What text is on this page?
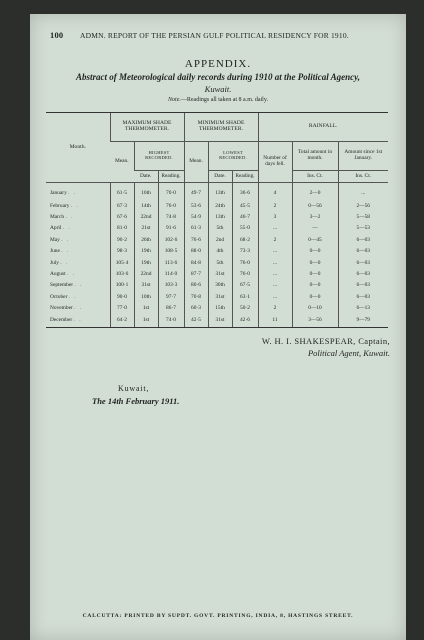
100 ADMN. REPORT OF THE PERSIAN GULF POLITICAL RESIDENCY FOR 1910.
APPENDIX.
Abstract of Meteorological daily records during 1910 at the Political Agency,
Kuwait.
Note.—Readings all taken at 8 a.m. daily.
Month.	MAXIMUM SHADE THERMOMETER.			MINIMUM SHADE THERMOMETER.			RAINFALL.		
	Mean.	HIGHEST RECORDED.		Mean.	LOWEST RECORDED.		Number of days fell.	Total amount in month.	Amount since 1st January.
		Date.	Reading.		Date.	Reading.		Ins. Ct.	Ins. Ct.
January . .	61·5	16th	70·0	49·7	13th	36·6	4	2—0	...
February . .	67·3	14th	76·0	53·6	24th	45·5	2	0—56	2—56
March . .	67·6	22nd	74·8	54·9	13th	46·7	3	3—2	5—58
April . .	81·0	21st	91·6	61·3	5th	55·0	...	—	5—53
May . .	90·2	26th	102·6	76·6	2nd	68·2	2	0—45	6—03
June . .	98·3	19th	108·5	88·0	4th	73·3	...	0—0	6—03
July . .	105·4	19th	113·6	84·8	5th	76·0	...	0—0	6—03
August . .	103·6	22nd	114·0	87·7	31st	76·0	...	0—0	6—03
September . .	100·1	31st	103·3	80·6	30th	67·5	...	0—0	6—03
October . .	90·0	10th	97·7	70·8	31st	63·1	...	0—0	6—03
November . .	77·0	1st	86·7	60·3	15th	50·2	2	0—10	6—13
December . .	64·2	1st	74·0	42·5	31st	42·6	11	3—56	9—79
W. H. I. SHAKESPEAR, Captain,
Political Agent, Kuwait.
Kuwait,
The 14th February 1911.
CALCUTTA: PRINTED BY SUPDT. GOVT. PRINTING, INDIA, 8, HASTINGS STREET.
